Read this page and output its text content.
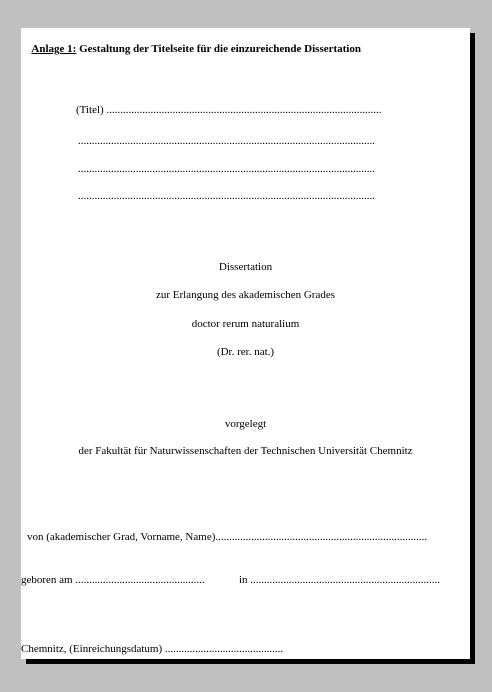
Anlage 1: Gestaltung der Titelseite für die einzureichende Dissertation

(Titel) ....................................................................................................
............................................................................................................
............................................................................................................
............................................................................................................
Dissertation
zur Erlangung des akademischen Grades
doctor rerum naturalium
(Dr. rer. nat.)
vorgelegt
der Fakultät für Naturwissenschaften der Technischen Universität Chemnitz
von (akademischer Grad, Vorname, Name).............................................................................
geboren am ...............................................	in .....................................................................
Chemnitz, (Einreichungsdatum) ...........................................
